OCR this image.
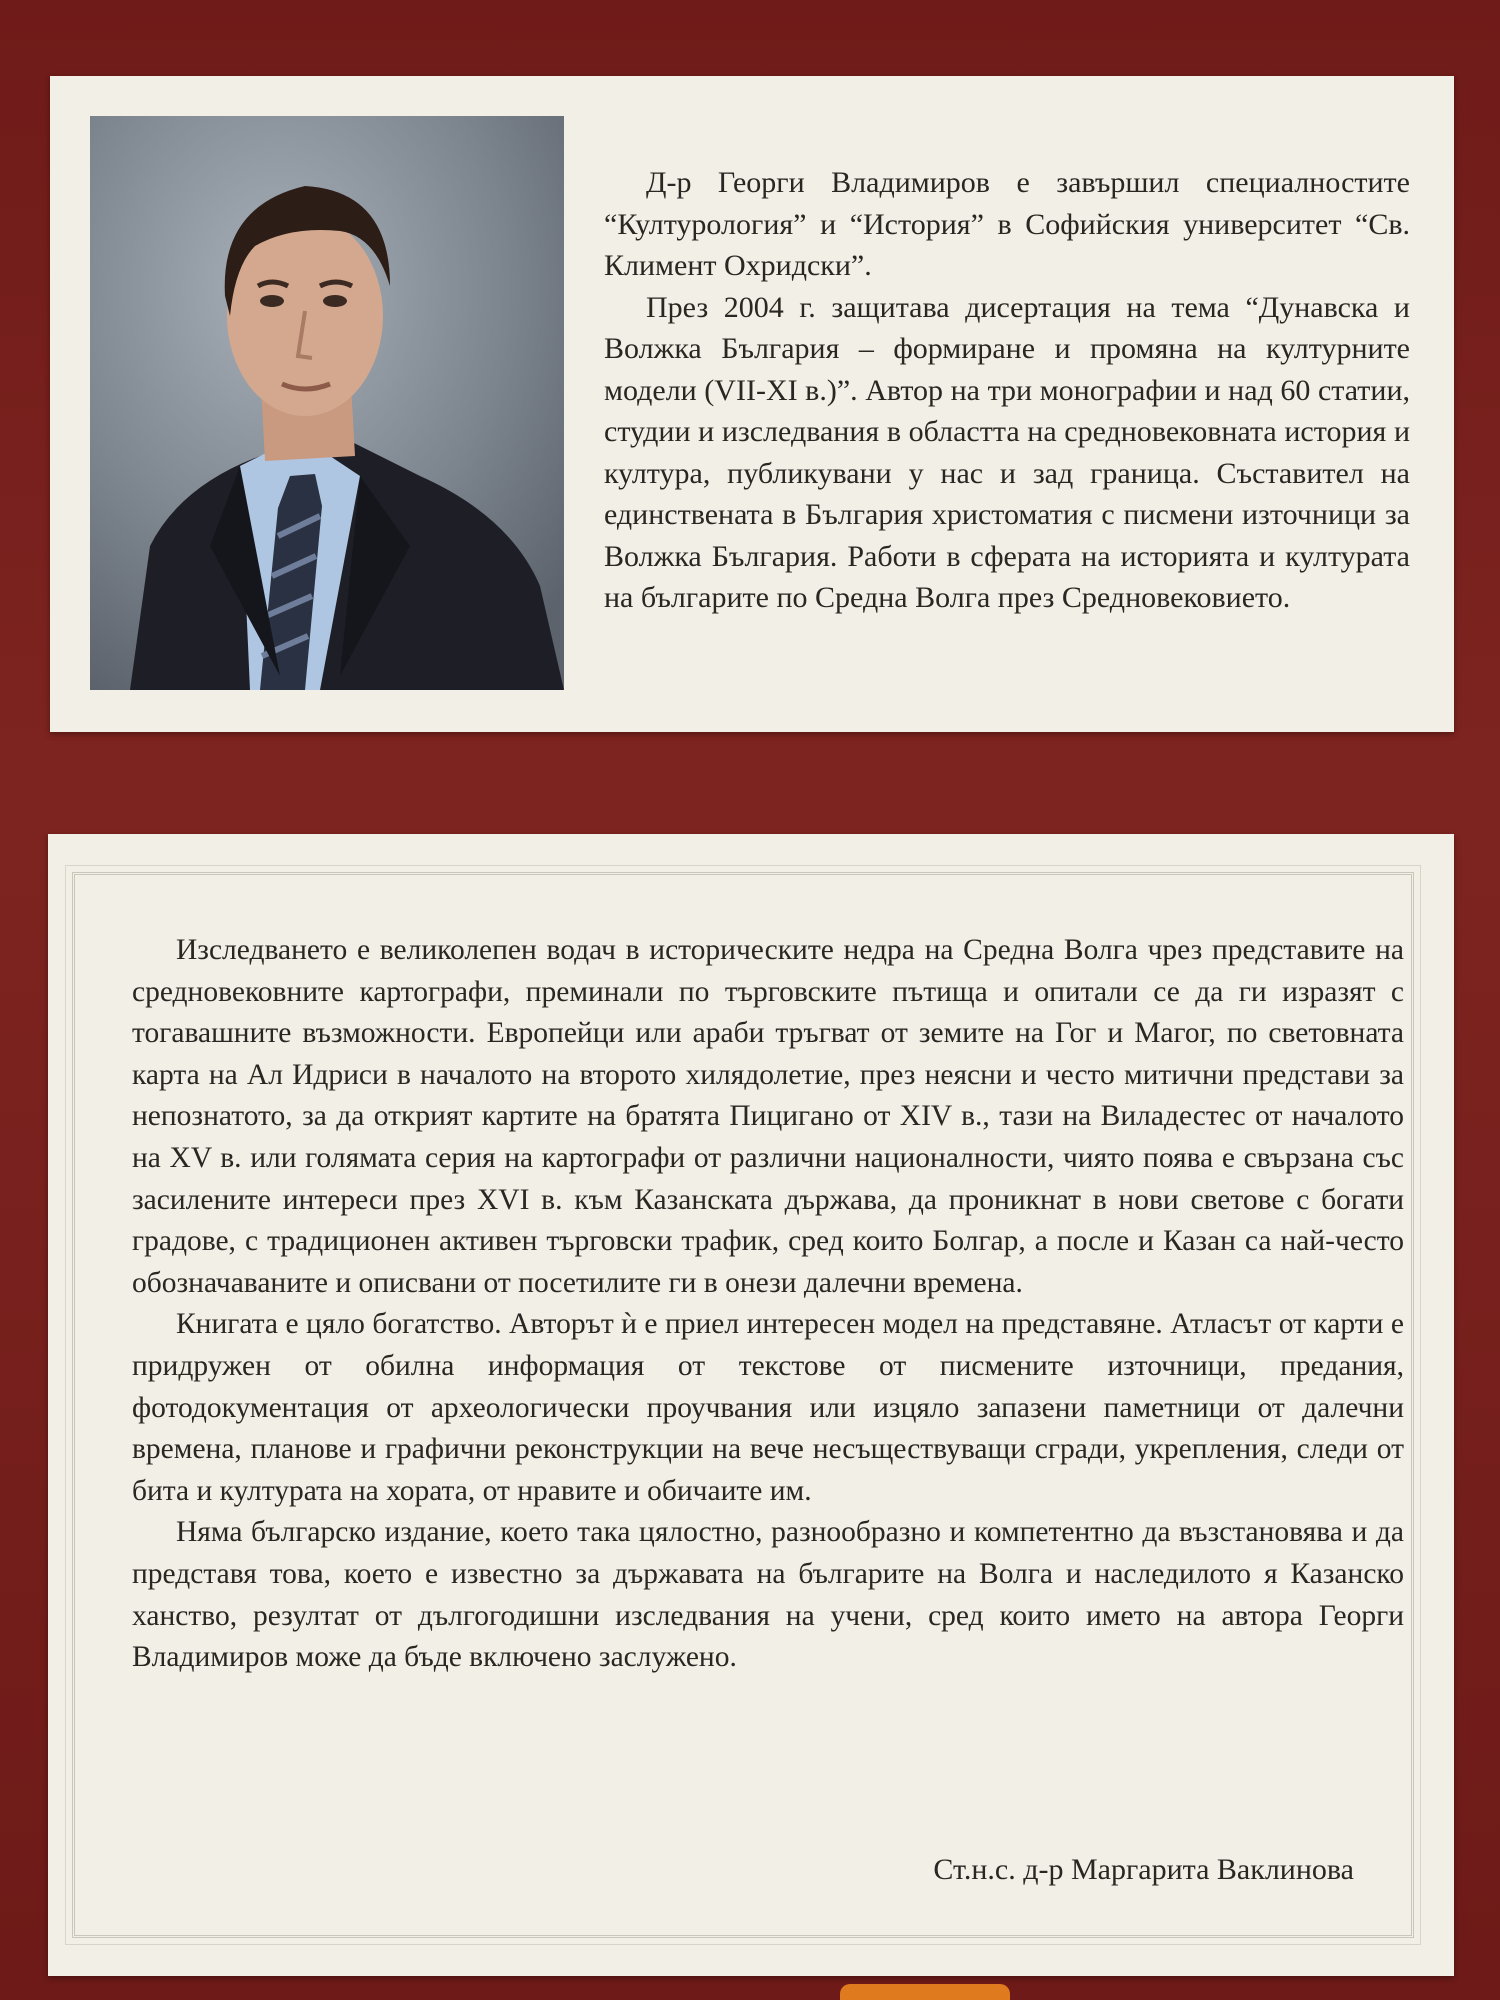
Д-р Георги Владимиров е завършил специалностите “Културология” и “История” в Софийския университет “Св. Климент Охридски”.

През 2004 г. защитава дисертация на тема “Дунавска и Волжка България – формиране и промяна на културните модели (VII-XI в.)”. Автор на три монографии и над 60 статии, студии и изследвания в областта на средновековната история и култура, публикувани у нас и зад граница. Съставител на единствената в България христоматия с писмени източници за Волжка България. Работи в сферата на историята и културата на българите по Средна Волга през Средновековието.

Изследването е великолепен водач в историческите недра на Средна Волга чрез представите на средновековните картографи, преминали по търговските пътища и опитали се да ги изразят с тогавашните възможности. Европейци или араби тръгват от земите на Гог и Магог, по световната карта на Ал Идриси в началото на второто хилядолетие, през неясни и често митични представи за непознатото, за да открият картите на братята Пицигано от XIV в., тази на Виладестес от началото на XV в. или голямата серия на картографи от различни националности, чиято поява е свързана със засилените интереси през XVI в. към Казанската държава, да проникнат в нови светове с богати градове, с традиционен активен търговски трафик, сред които Болгар, а после и Казан са най-често обозначаваните и описвани от посетилите ги в онези далечни времена.

Книгата е цяло богатство. Авторът ѝ е приел интересен модел на представяне. Атласът от карти е придружен от обилна информация от текстове от писмените източници, предания, фотодокументация от археологически проучвания или изцяло запазени паметници от далечни времена, планове и графични реконструкции на вече несъществуващи сгради, укрепления, следи от бита и културата на хората, от нравите и обичаите им.

Няма българско издание, което така цялостно, разнообразно и компетентно да възстановява и да представя това, което е известно за държавата на българите на Волга и наследилото я Казанско ханство, резултат от дългогодишни изследвания на учени, сред които името на автора Георги Владимиров може да бъде включено заслужено.

Ст.н.с. д-р Маргарита Ваклинова
